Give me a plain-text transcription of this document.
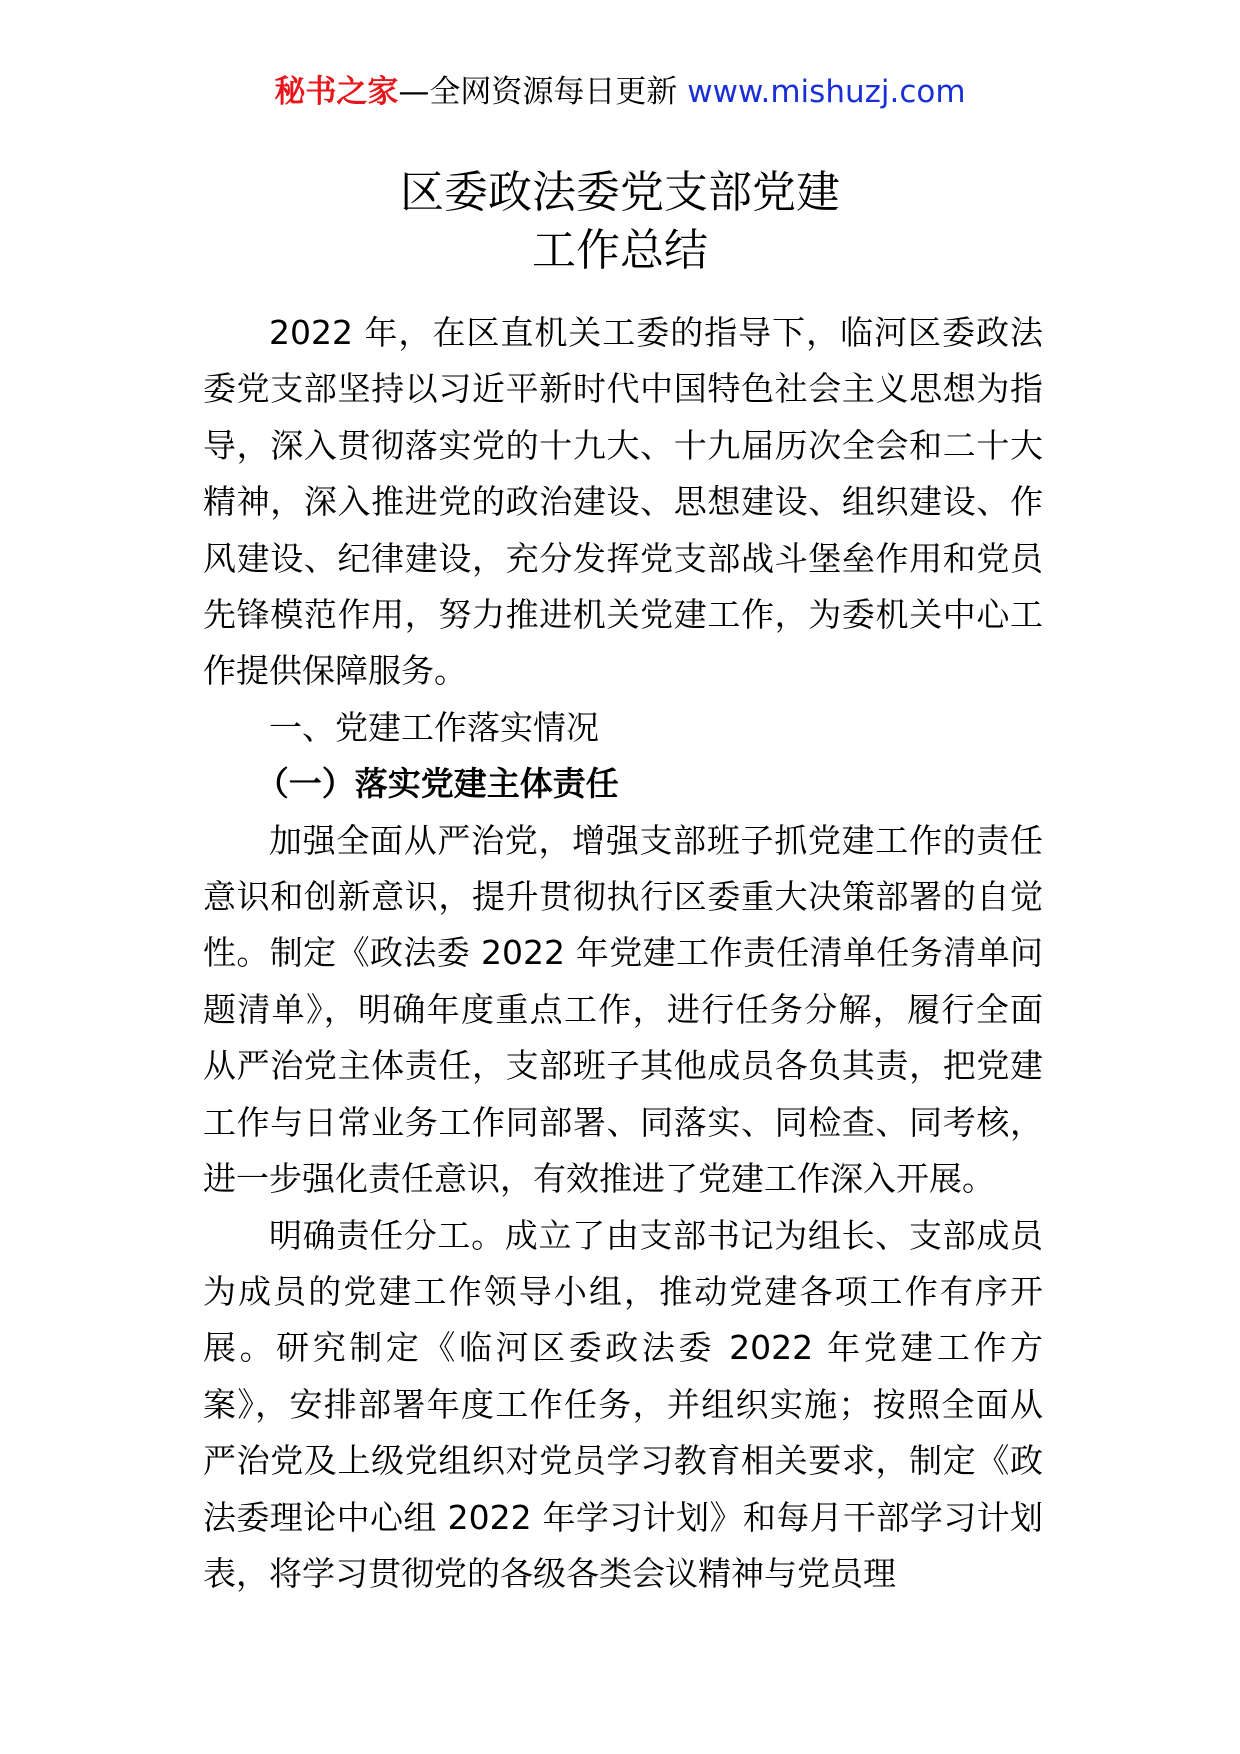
秘书之家—全网资源每日更新 www.mishuzj.com
区委政法委党支部党建
工作总结

2022 年，在区直机关工委的指导下，临河区委政法委党支部坚持以习近平新时代中国特色社会主义思想为指导，深入贯彻落实党的十九大、十九届历次全会和二十大精神，深入推进党的政治建设、思想建设、组织建设、作风建设、纪律建设，充分发挥党支部战斗堡垒作用和党员先锋模范作用，努力推进机关党建工作，为委机关中心工作提供保障服务。

一、党建工作落实情况

（一）落实党建主体责任

加强全面从严治党，增强支部班子抓党建工作的责任意识和创新意识，提升贯彻执行区委重大决策部署的自觉性。制定《政法委 2022 年党建工作责任清单任务清单问题清单》，明确年度重点工作，进行任务分解，履行全面从严治党主体责任，支部班子其他成员各负其责，把党建工作与日常业务工作同部署、同落实、同检查、同考核，进一步强化责任意识，有效推进了党建工作深入开展。

明确责任分工。成立了由支部书记为组长、支部成员为成员的党建工作领导小组，推动党建各项工作有序开展。研究制定《临河区委政法委 2022 年党建工作方案》，安排部署年度工作任务，并组织实施；按照全面从严治党及上级党组织对党员学习教育相关要求，制定《政法委理论中心组 2022 年学习计划》和每月干部学习计划表，将学习贯彻党的各级各类会议精神与党员理
